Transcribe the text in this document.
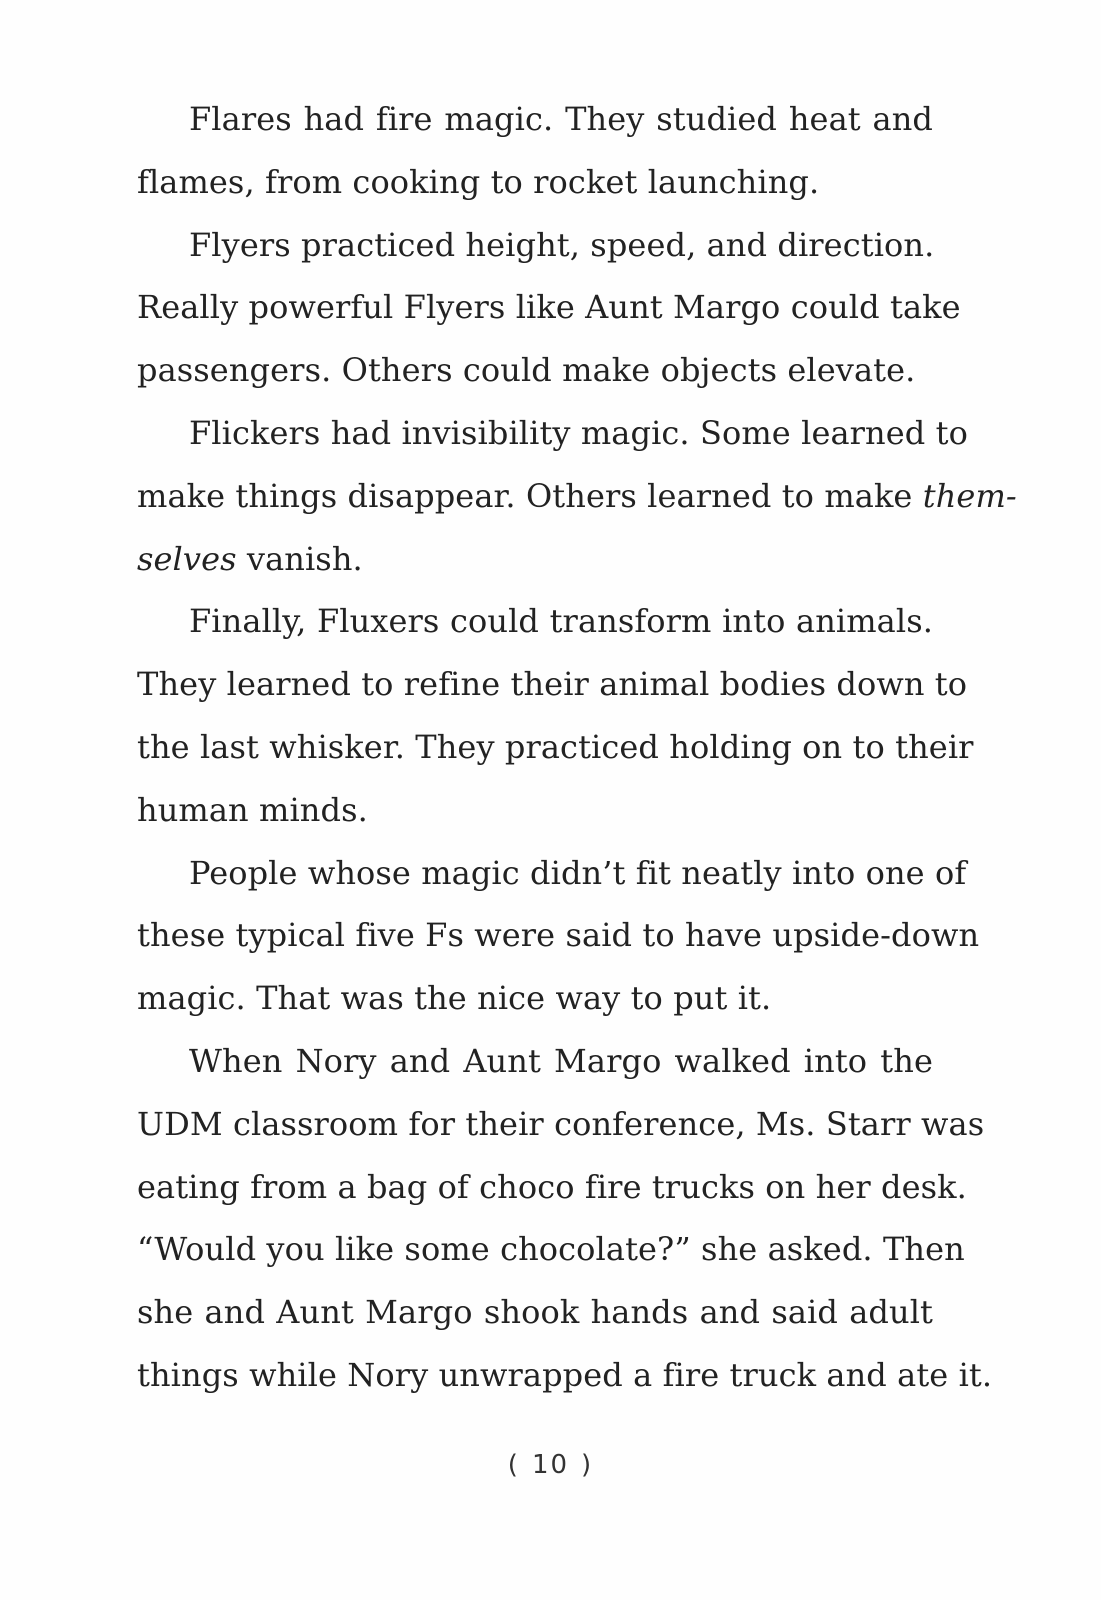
Flares had fire magic. They studied heat and
flames, from cooking to rocket launching.
Flyers practiced height, speed, and direction.
Really powerful Flyers like Aunt Margo could take
passengers. Others could make objects elevate.
Flickers had invisibility magic. Some learned to
make things disappear. Others learned to make them-
selves vanish.
Finally, Fluxers could transform into animals.
They learned to refine their animal bodies down to
the last whisker. They practiced holding on to their
human minds.
People whose magic didn’t fit neatly into one of
these typical five Fs were said to have upside-down
magic. That was the nice way to put it.
When Nory and Aunt Margo walked into the
UDM classroom for their conference, Ms. Starr was
eating from a bag of choco fire trucks on her desk.
“Would you like some chocolate?” she asked. Then
she and Aunt Margo shook hands and said adult
things while Nory unwrapped a fire truck and ate it.
( 10 )
